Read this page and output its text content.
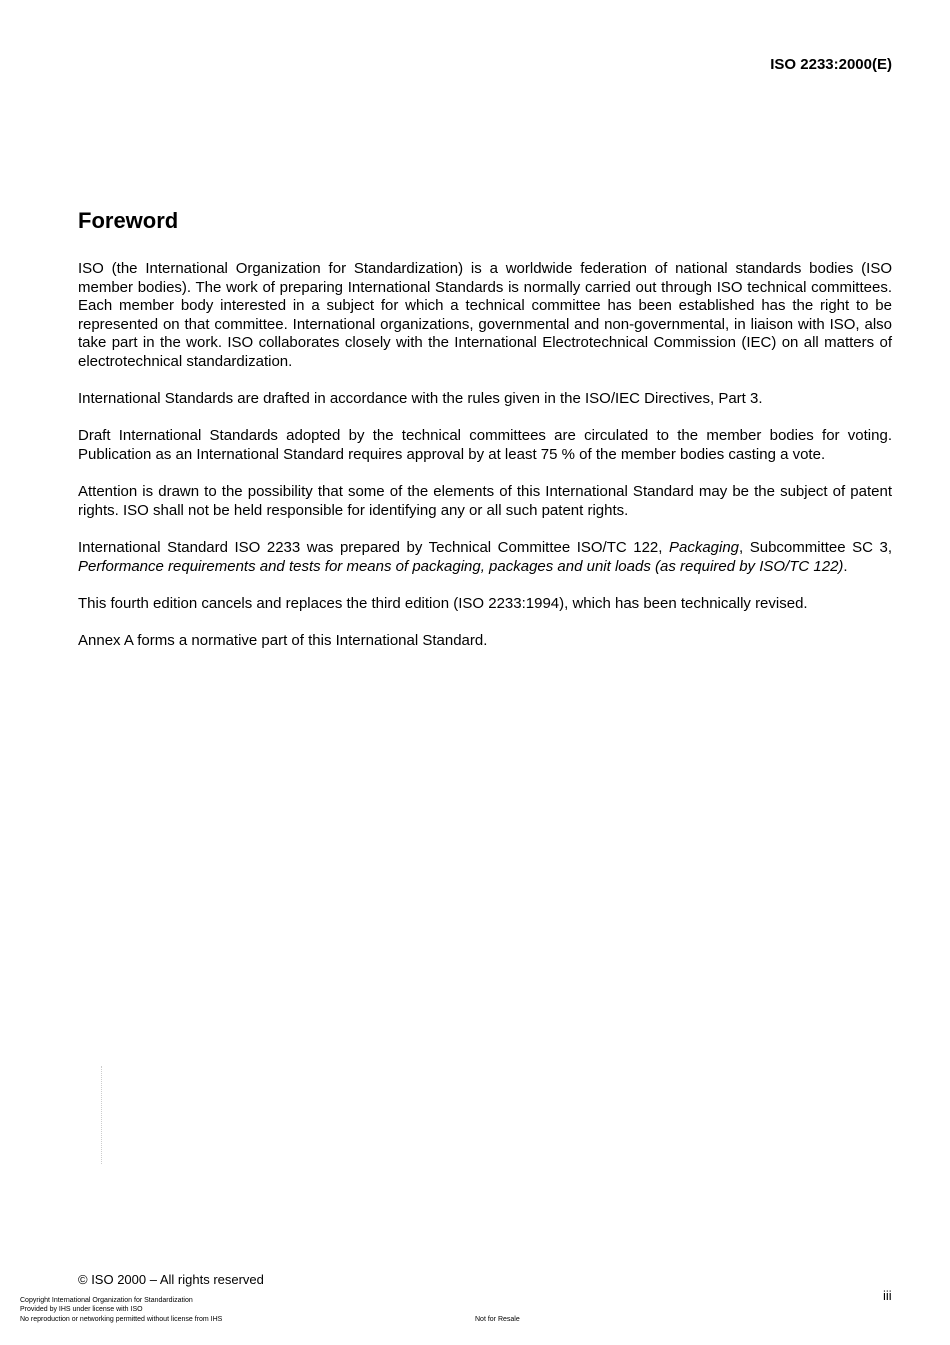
ISO 2233:2000(E)
Foreword

ISO (the International Organization for Standardization) is a worldwide federation of national standards bodies (ISO member bodies). The work of preparing International Standards is normally carried out through ISO technical committees. Each member body interested in a subject for which a technical committee has been established has the right to be represented on that committee. International organizations, governmental and non-governmental, in liaison with ISO, also take part in the work. ISO collaborates closely with the International Electrotechnical Commission (IEC) on all matters of electrotechnical standardization.

International Standards are drafted in accordance with the rules given in the ISO/IEC Directives, Part 3.

Draft International Standards adopted by the technical committees are circulated to the member bodies for voting. Publication as an International Standard requires approval by at least 75 % of the member bodies casting a vote.

Attention is drawn to the possibility that some of the elements of this International Standard may be the subject of patent rights. ISO shall not be held responsible for identifying any or all such patent rights.

International Standard ISO 2233 was prepared by Technical Committee ISO/TC 122, Packaging, Subcommittee SC 3, Performance requirements and tests for means of packaging, packages and unit loads (as required by ISO/TC 122).

This fourth edition cancels and replaces the third edition (ISO 2233:1994), which has been technically revised.

Annex A forms a normative part of this International Standard.

© ISO 2000 – All rights reserved
iii
Copyright International Organization for Standardization
Provided by IHS under license with ISO
No reproduction or networking permitted without license from IHS	Not for Resale
